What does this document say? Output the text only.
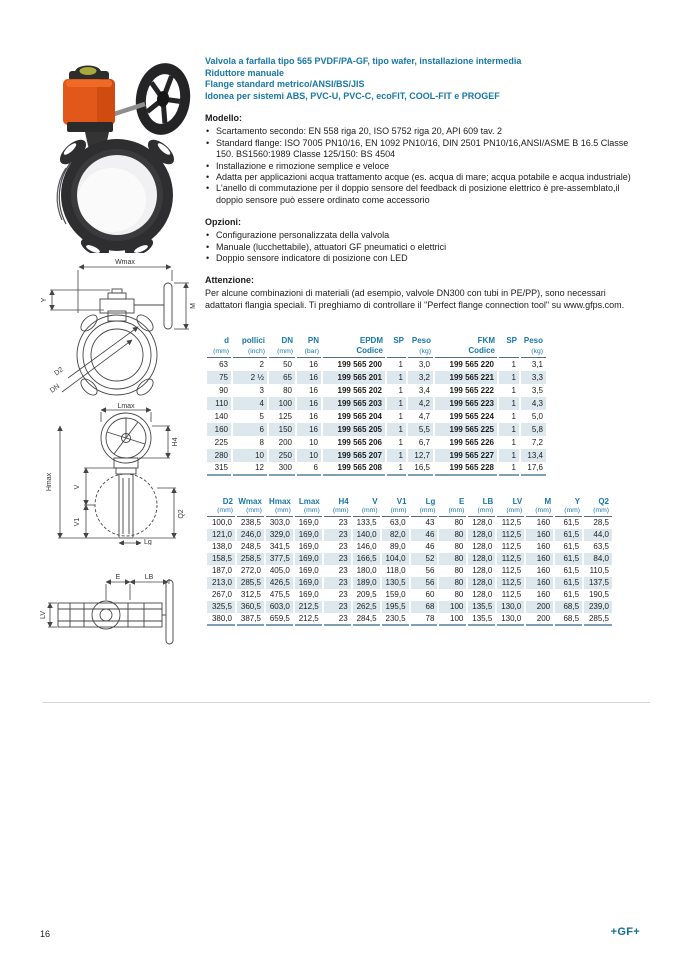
Wmax
Y
M
D2
DN
Lmax
H4
Hmax	V
V1
Q2
Lg
E	LB
LV
Valvola a farfalla tipo 565 PVDF/PA-GF, tipo wafer, installazione intermedia
Riduttore manuale
Flange standard metrico/ANSI/BS/JIS
Idonea per sistemi ABS, PVC-U, PVC-C, ecoFIT, COOL-FIT e PROGEF
Modello:
• Scartamento secondo: EN 558 riga 20, ISO 5752 riga 20, API 609 tav. 2
• Standard flange: ISO 7005 PN10/16, EN 1092 PN10/16, DIN 2501 PN10/16,ANSI/ASME B 16.5 Classe 150. BS1560:1989 Classe 125/150: BS 4504
• Installazione e rimozione semplice e veloce
• Adatta per applicazioni acqua trattamento acque (es. acqua di mare; acqua potabile e acqua industriale)
• L'anello di commutazione per il doppio sensore del feedback di posizione elettrico è pre-assemblato,il doppio sensore può essere ordinato come accessorio
Opzioni:
• Configurazione personalizzata della valvola
• Manuale (lucchettabile), attuatori GF pneumatici o elettrici
• Doppio sensore indicatore di posizione con LED
Attenzione:
Per alcune combinazioni di materiali (ad esempio, valvole DN300 con tubi in PE/PP), sono necessari adattatori flangia speciali. Ti preghiamo di controllare il "Perfect flange connection tool" su www.gfps.com.
d	pollici	DN	PN	EPDM	SP	Peso	FKM	SP	Peso
(mm)	(inch)	(mm)	(bar)	Codice		(kg)	Codice		(kg)
63	2	50	16	199 565 200	1	3,0	199 565 220	1	3,1
75	2 ½	65	16	199 565 201	1	3,2	199 565 221	1	3,3
90	3	80	16	199 565 202	1	3,4	199 565 222	1	3,5
110	4	100	16	199 565 203	1	4,2	199 565 223	1	4,3
140	5	125	16	199 565 204	1	4,7	199 565 224	1	5,0
160	6	150	16	199 565 205	1	5,5	199 565 225	1	5,8
225	8	200	10	199 565 206	1	6,7	199 565 226	1	7,2
280	10	250	10	199 565 207	1	12,7	199 565 227	1	13,4
315	12	300	6	199 565 208	1	16,5	199 565 228	1	17,6
D2	Wmax	Hmax	Lmax	H4	V	V1	Lg	E	LB	LV	M	Y	Q2
(mm)	(mm)	(mm)	(mm)	(mm)	(mm)	(mm)	(mm)	(mm)	(mm)	(mm)	(mm)	(mm)	(mm)
100,0	238,5	303,0	169,0	23	133,5	63,0	43	80	128,0	112,5	160	61,5	28,5
121,0	246,0	329,0	169,0	23	140,0	82,0	46	80	128,0	112,5	160	61,5	44,0
138,0	248,5	341,5	169,0	23	146,0	89,0	46	80	128,0	112,5	160	61,5	63,5
158,5	258,5	377,5	169,0	23	166,5	104,0	52	80	128,0	112,5	160	61,5	84,0
187,0	272,0	405,0	169,0	23	180,0	118,0	56	80	128,0	112,5	160	61,5	110,5
213,0	285,5	426,5	169,0	23	189,0	130,5	56	80	128,0	112,5	160	61,5	137,5
267,0	312,5	475,5	169,0	23	209,5	159,0	60	80	128,0	112,5	160	61,5	190,5
325,5	360,5	603,0	212,5	23	262,5	195,5	68	100	135,5	130,0	200	68,5	239,0
380,0	387,5	659,5	212,5	23	284,5	230,5	78	100	135,5	130,0	200	68,5	285,5
16	+GF+
